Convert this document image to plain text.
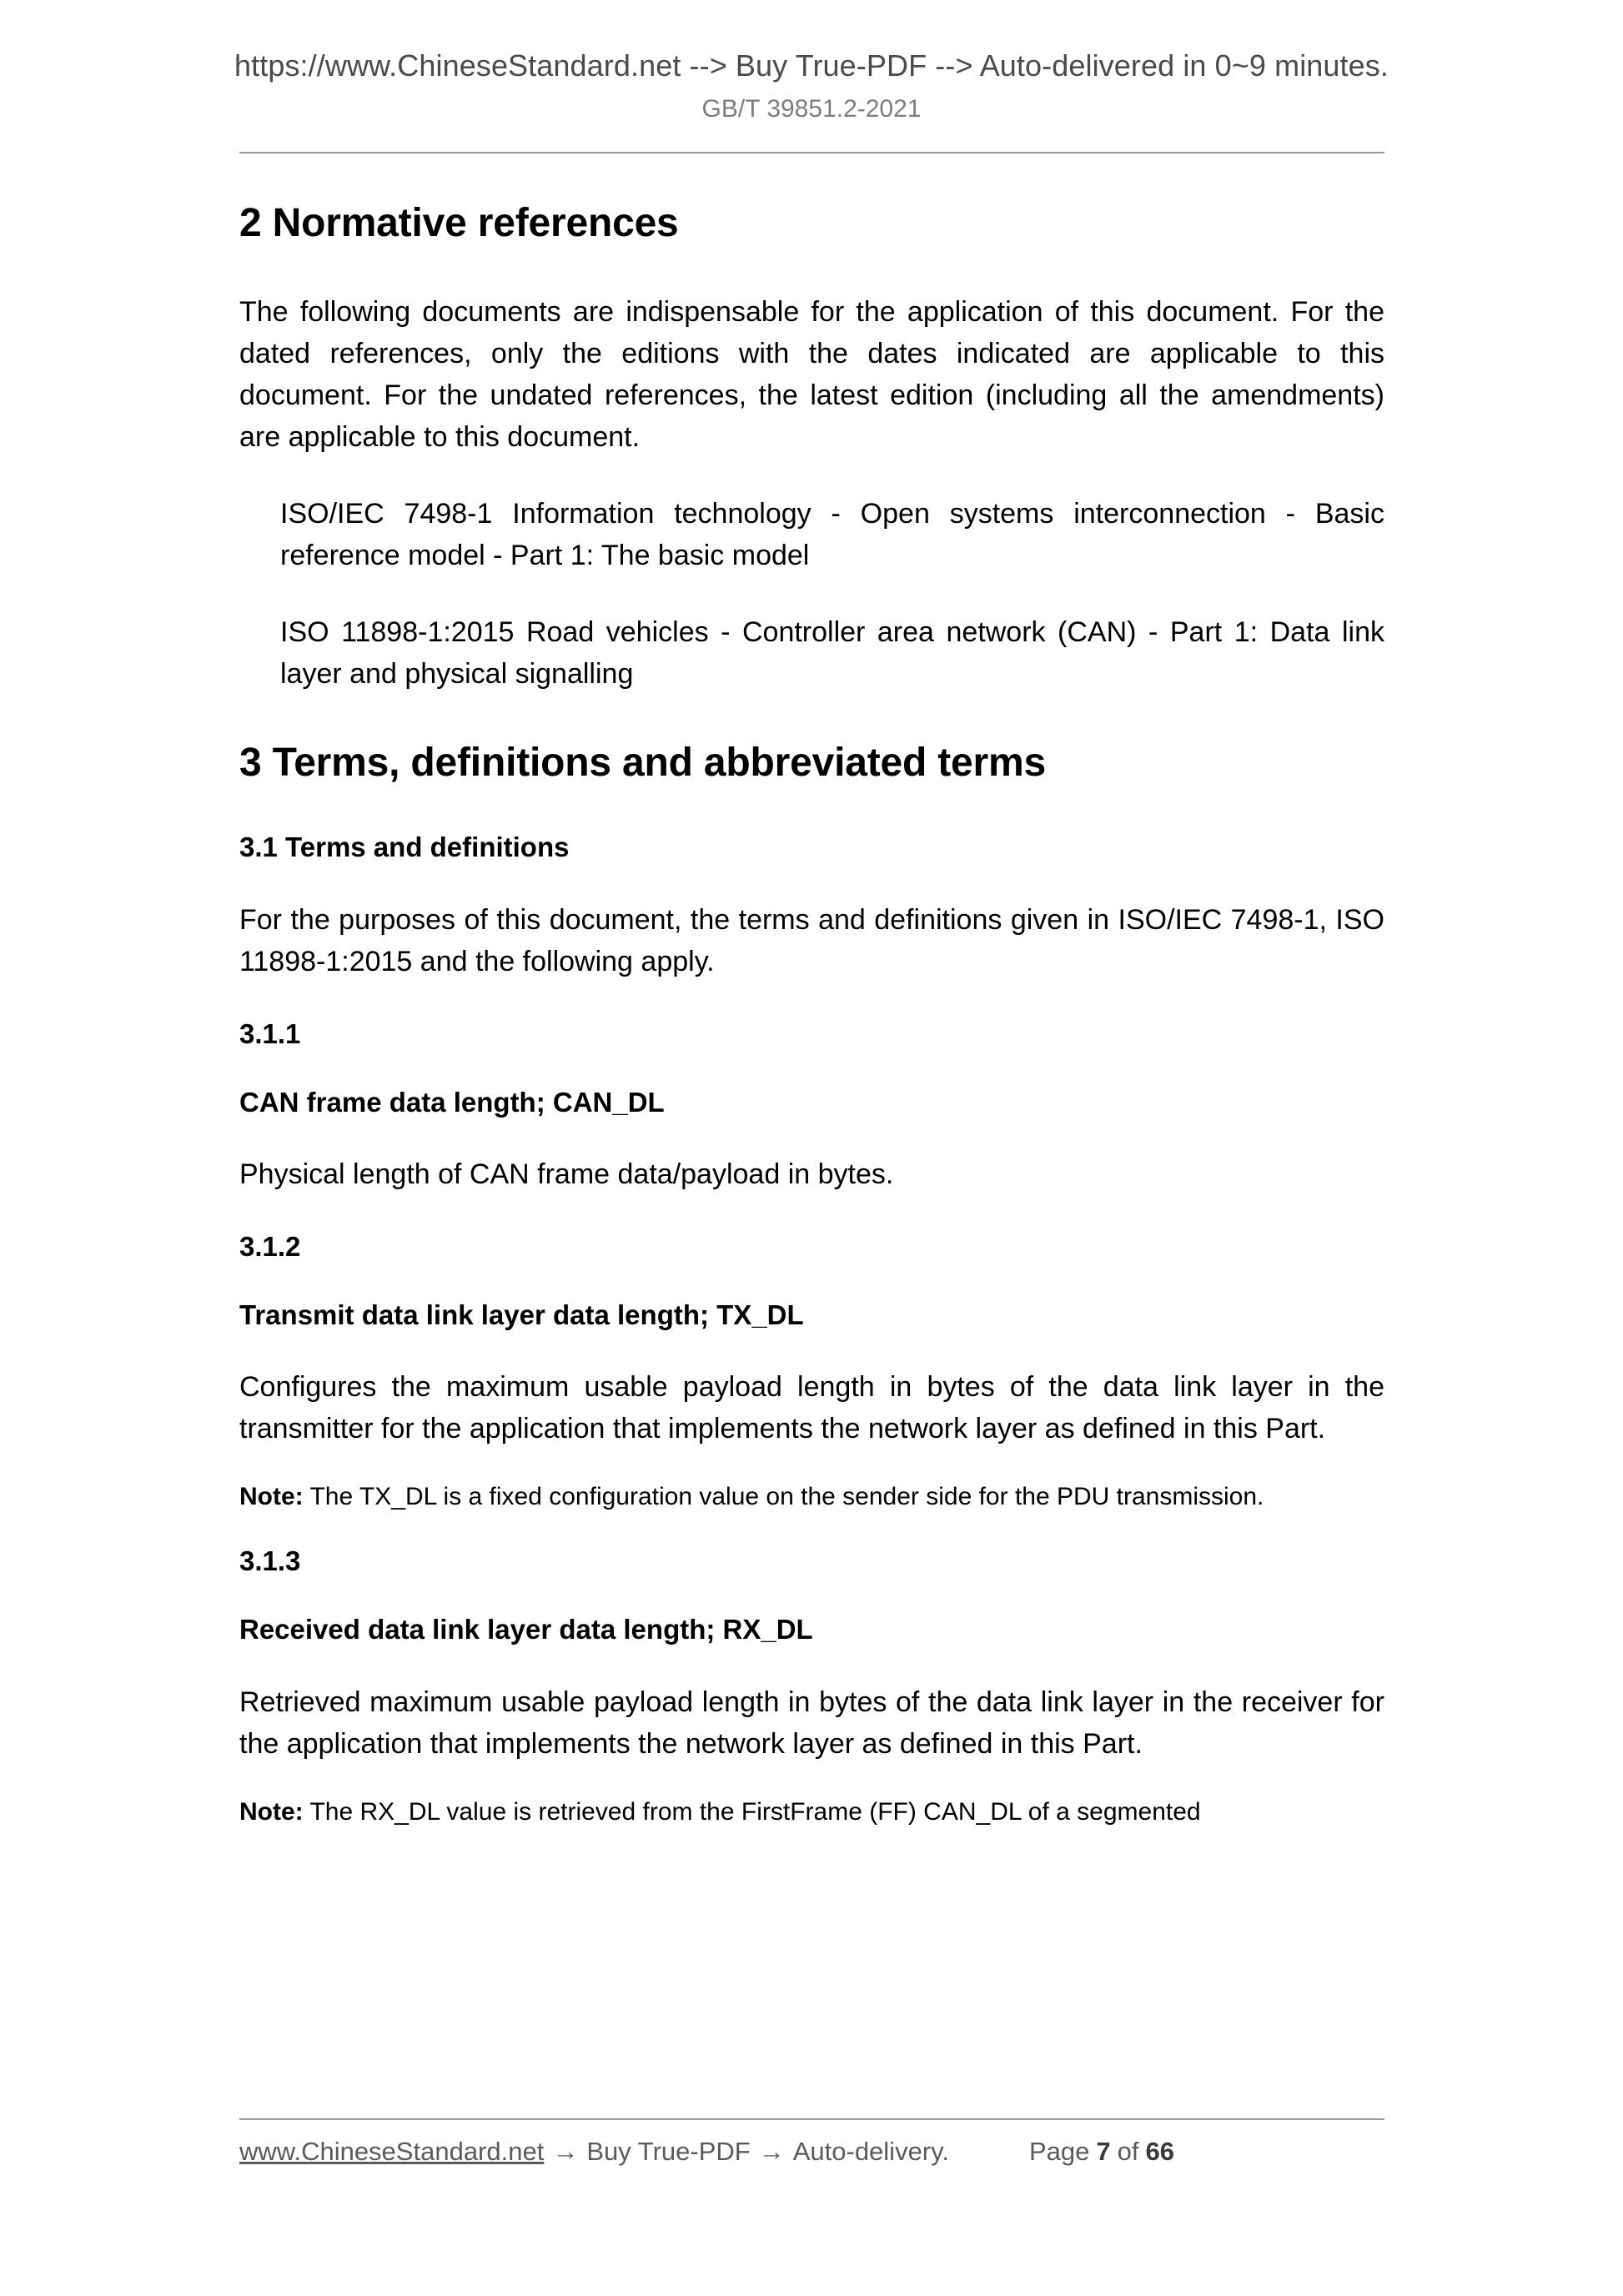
https://www.ChineseStandard.net --> Buy True-PDF --> Auto-delivered in 0~9 minutes.
GB/T 39851.2-2021
2 Normative references

The following documents are indispensable for the application of this document. For the dated references, only the editions with the dates indicated are applicable to this document. For the undated references, the latest edition (including all the amendments) are applicable to this document.

ISO/IEC 7498-1 Information technology - Open systems interconnection - Basic reference model - Part 1: The basic model

ISO 11898-1:2015 Road vehicles - Controller area network (CAN) - Part 1: Data link layer and physical signalling

3 Terms, definitions and abbreviated terms
3.1 Terms and definitions

For the purposes of this document, the terms and definitions given in ISO/IEC 7498-1, ISO 11898-1:2015 and the following apply.

3.1.1
CAN frame data length; CAN_DL

Physical length of CAN frame data/payload in bytes.

3.1.2
Transmit data link layer data length; TX_DL

Configures the maximum usable payload length in bytes of the data link layer in the transmitter for the application that implements the network layer as defined in this Part.

Note: The TX_DL is a fixed configuration value on the sender side for the PDU transmission.

3.1.3
Received data link layer data length; RX_DL

Retrieved maximum usable payload length in bytes of the data link layer in the receiver for the application that implements the network layer as defined in this Part.

Note: The RX_DL value is retrieved from the FirstFrame (FF) CAN_DL of a segmented

www.ChineseStandard.net → Buy True-PDF → Auto-delivery.	Page 7 of 66
